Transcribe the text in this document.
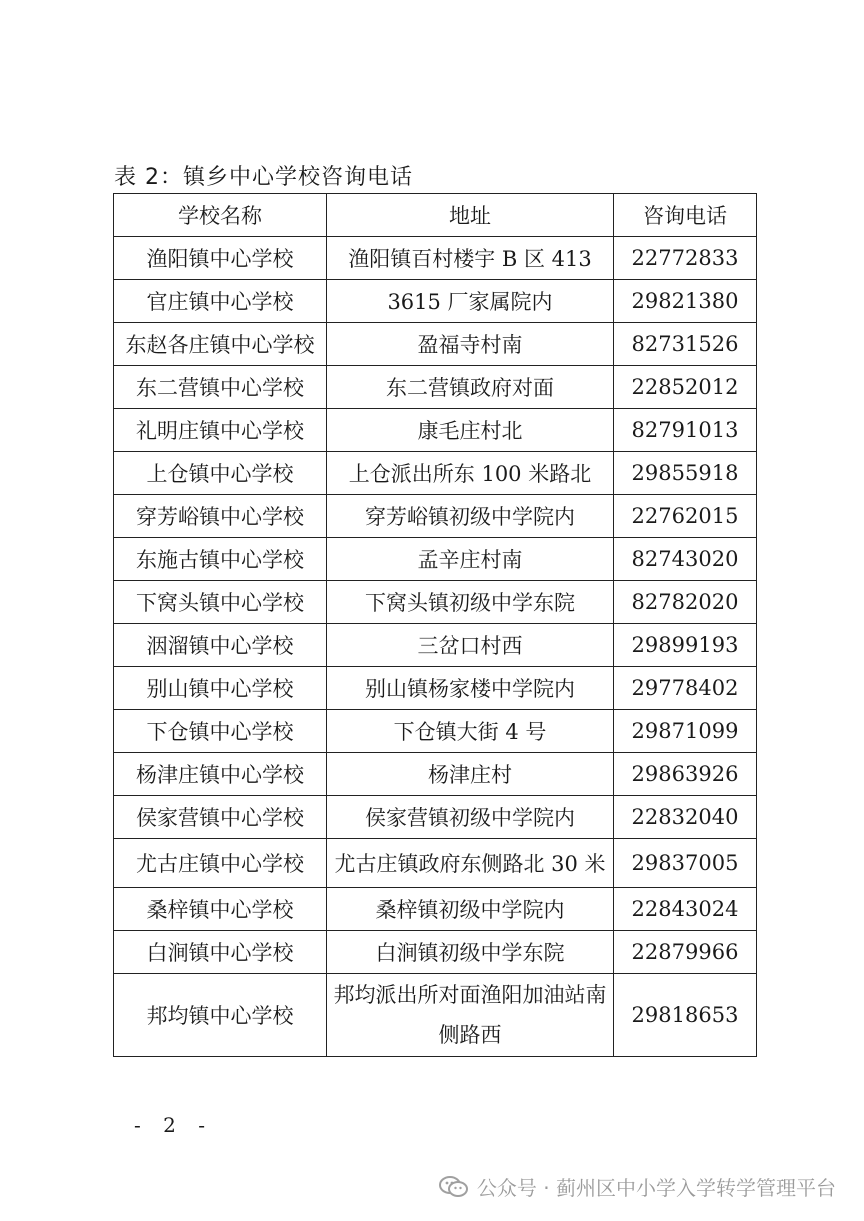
表 2：镇乡中心学校咨询电话
学校名称	地址	咨询电话
渔阳镇中心学校	渔阳镇百村楼宇 B 区 413	22772833
官庄镇中心学校	3615 厂家属院内	29821380
东赵各庄镇中心学校	盈福寺村南	82731526
东二营镇中心学校	东二营镇政府对面	22852012
礼明庄镇中心学校	康毛庄村北	82791013
上仓镇中心学校	上仓派出所东 100 米路北	29855918
穿芳峪镇中心学校	穿芳峪镇初级中学院内	22762015
东施古镇中心学校	孟辛庄村南	82743020
下窝头镇中心学校	下窝头镇初级中学东院	82782020
洇溜镇中心学校	三岔口村西	29899193
别山镇中心学校	别山镇杨家楼中学院内	29778402
下仓镇中心学校	下仓镇大街 4 号	29871099
杨津庄镇中心学校	杨津庄村	29863926
侯家营镇中心学校	侯家营镇初级中学院内	22832040
尤古庄镇中心学校	尤古庄镇政府东侧路北 30 米	29837005
桑梓镇中心学校	桑梓镇初级中学院内	22843024
白涧镇中心学校	白涧镇初级中学东院	22879966
邦均镇中心学校	邦均派出所对面渔阳加油站南侧路西	29818653
- 2 -
公众号 · 蓟州区中小学入学转学管理平台
